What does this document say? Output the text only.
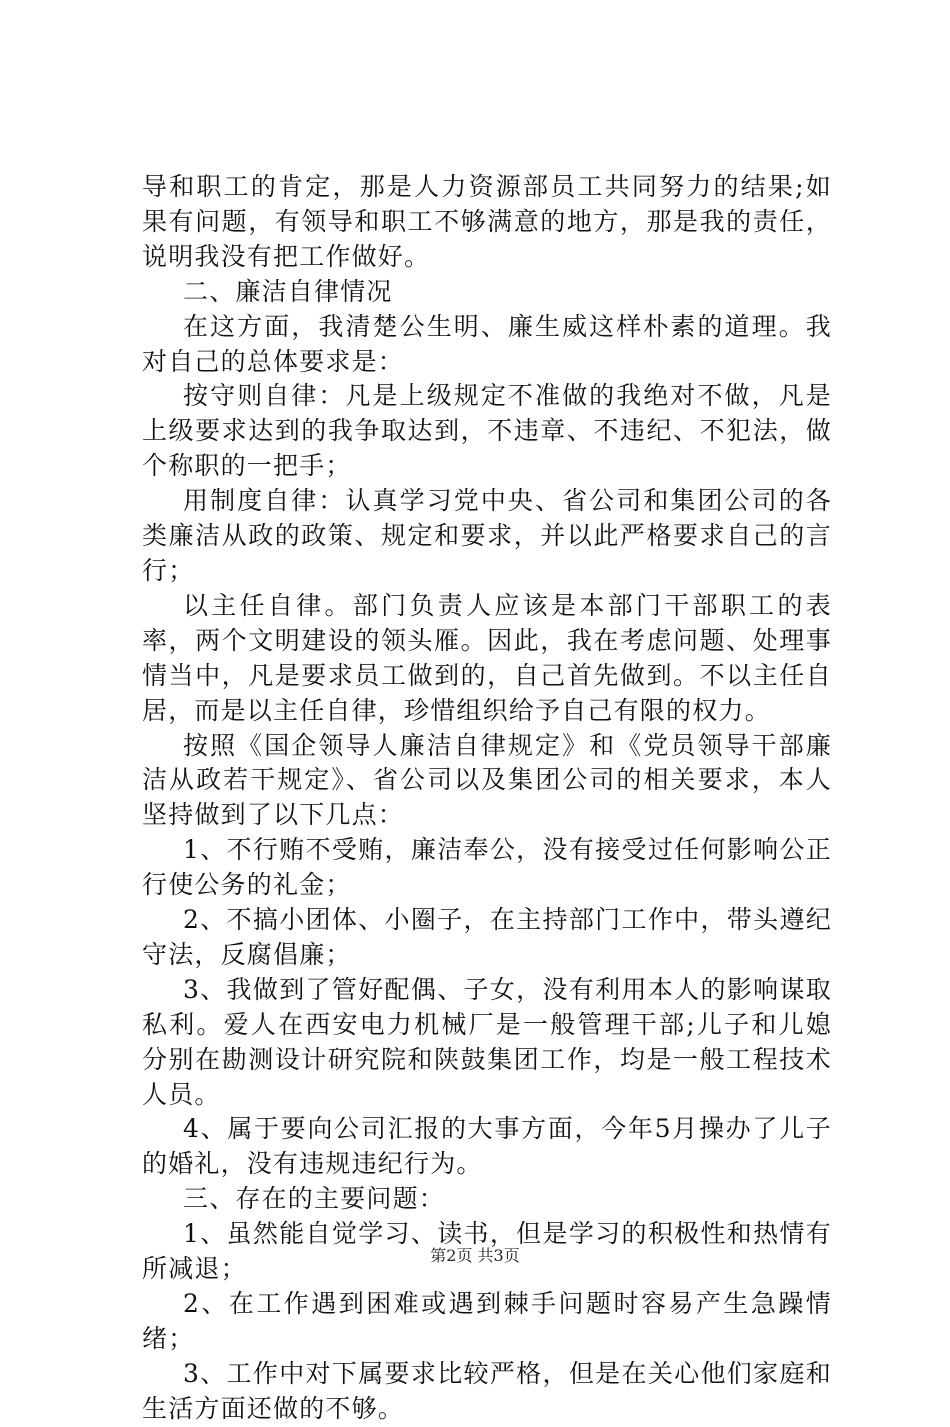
导和职工的肯定，那是人力资源部员工共同努力的结果;如果有问题，有领导和职工不够满意的地方，那是我的责任，说明我没有把工作做好。

二、廉洁自律情况

在这方面，我清楚公生明、廉生威这样朴素的道理。我对自己的总体要求是：

按守则自律：凡是上级规定不准做的我绝对不做，凡是上级要求达到的我争取达到，不违章、不违纪、不犯法，做个称职的一把手；

用制度自律：认真学习党中央、省公司和集团公司的各类廉洁从政的政策、规定和要求，并以此严格要求自己的言行；

以主任自律。部门负责人应该是本部门干部职工的表率，两个文明建设的领头雁。因此，我在考虑问题、处理事情当中，凡是要求员工做到的，自己首先做到。不以主任自居，而是以主任自律，珍惜组织给予自己有限的权力。

按照《国企领导人廉洁自律规定》和《党员领导干部廉洁从政若干规定》、省公司以及集团公司的相关要求，本人坚持做到了以下几点：

1、不行贿不受贿，廉洁奉公，没有接受过任何影响公正行使公务的礼金；

2、不搞小团体、小圈子，在主持部门工作中，带头遵纪守法，反腐倡廉；

3、我做到了管好配偶、子女，没有利用本人的影响谋取私利。爱人在西安电力机械厂是一般管理干部;儿子和儿媳分别在勘测设计研究院和陕鼓集团工作，均是一般工程技术人员。

4、属于要向公司汇报的大事方面，今年5月操办了儿子的婚礼，没有违规违纪行为。

三、存在的主要问题：

1、虽然能自觉学习、读书，但是学习的积极性和热情有所减退；

2、在工作遇到困难或遇到棘手问题时容易产生急躁情绪；

3、工作中对下属要求比较严格，但是在关心他们家庭和生活方面还做的不够。

第2页 共3页
